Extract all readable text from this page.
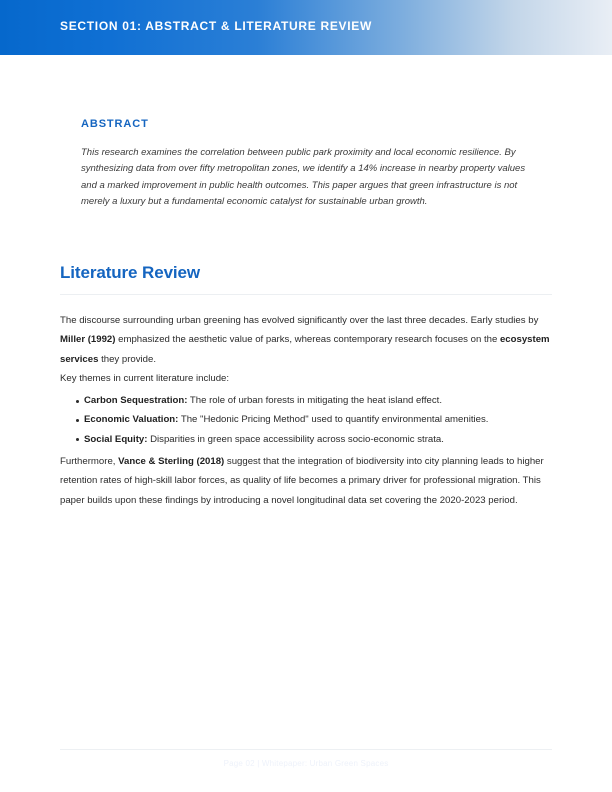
SECTION 01: ABSTRACT & LITERATURE REVIEW
ABSTRACT

This research examines the correlation between public park proximity and local economic resilience. By synthesizing data from over fifty metropolitan zones, we identify a 14% increase in nearby property values and a marked improvement in public health outcomes. This paper argues that green infrastructure is not merely a luxury but a fundamental economic catalyst for sustainable urban growth.

Literature Review

The discourse surrounding urban greening has evolved significantly over the last three decades. Early studies by Miller (1992) emphasized the aesthetic value of parks, whereas contemporary research focuses on the ecosystem services they provide.

Key themes in current literature include:

Carbon Sequestration: The role of urban forests in mitigating the heat island effect.
Economic Valuation: The "Hedonic Pricing Method" used to quantify environmental amenities.
Social Equity: Disparities in green space accessibility across socio-economic strata.

Furthermore, Vance & Sterling (2018) suggest that the integration of biodiversity into city planning leads to higher retention rates of high-skill labor forces, as quality of life becomes a primary driver for professional migration. This paper builds upon these findings by introducing a novel longitudinal data set covering the 2020-2023 period.

Page 02 | Whitepaper: Urban Green Spaces
